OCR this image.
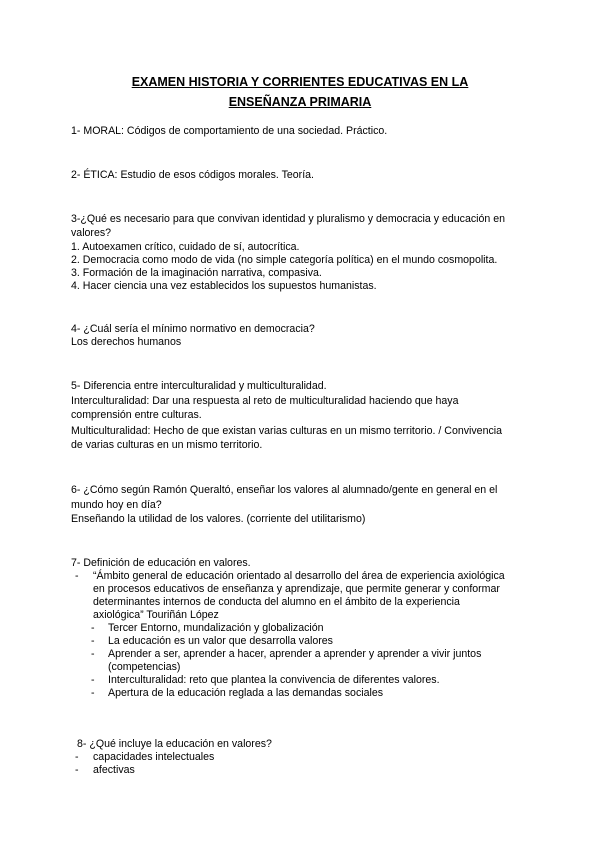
EXAMEN HISTORIA Y CORRIENTES EDUCATIVAS EN LA
ENSEÑANZA PRIMARIA
1- MORAL: Códigos de comportamiento de una sociedad. Práctico.
2- ÉTICA: Estudio de esos códigos morales. Teoría.
3-¿Qué es necesario para que convivan identidad y pluralismo y democracia y educación en
valores?
1. Autoexamen crítico, cuidado de sí, autocrítica.
2. Democracia como modo de vida (no simple categoría política) en el mundo cosmopolita.
3. Formación de la imaginación narrativa, compasiva.
4. Hacer ciencia una vez establecidos los supuestos humanistas.
4- ¿Cuál sería el mínimo normativo en democracia?
Los derechos humanos
5- Diferencia entre interculturalidad y multiculturalidad.
Interculturalidad: Dar una respuesta al reto de multiculturalidad haciendo que haya
comprensión entre culturas.
Multiculturalidad: Hecho de que existan varias culturas en un mismo territorio. / Convivencia
de varias culturas en un mismo territorio.
6- ¿Cómo según Ramón Queraltó, enseñar los valores al alumnado/gente en general en el
mundo hoy en día?
Enseñando la utilidad de los valores. (corriente del utilitarismo)
7- Definición de educación en valores.
- “Ámbito general de educación orientado al desarrollo del área de experiencia axiológica
en procesos educativos de enseñanza y aprendizaje, que permite generar y conformar
determinantes internos de conducta del alumno en el ámbito de la experiencia
axiológica” Touriñán López
- Tercer Entorno, mundalización y globalización
- La educación es un valor que desarrolla valores
- Aprender a ser, aprender a hacer, aprender a aprender y aprender a vivir juntos
(competencias)
- Interculturalidad: reto que plantea la convivencia de diferentes valores.
- Apertura de la educación reglada a las demandas sociales
8- ¿Qué incluye la educación en valores?
- capacidades intelectuales
- afectivas
